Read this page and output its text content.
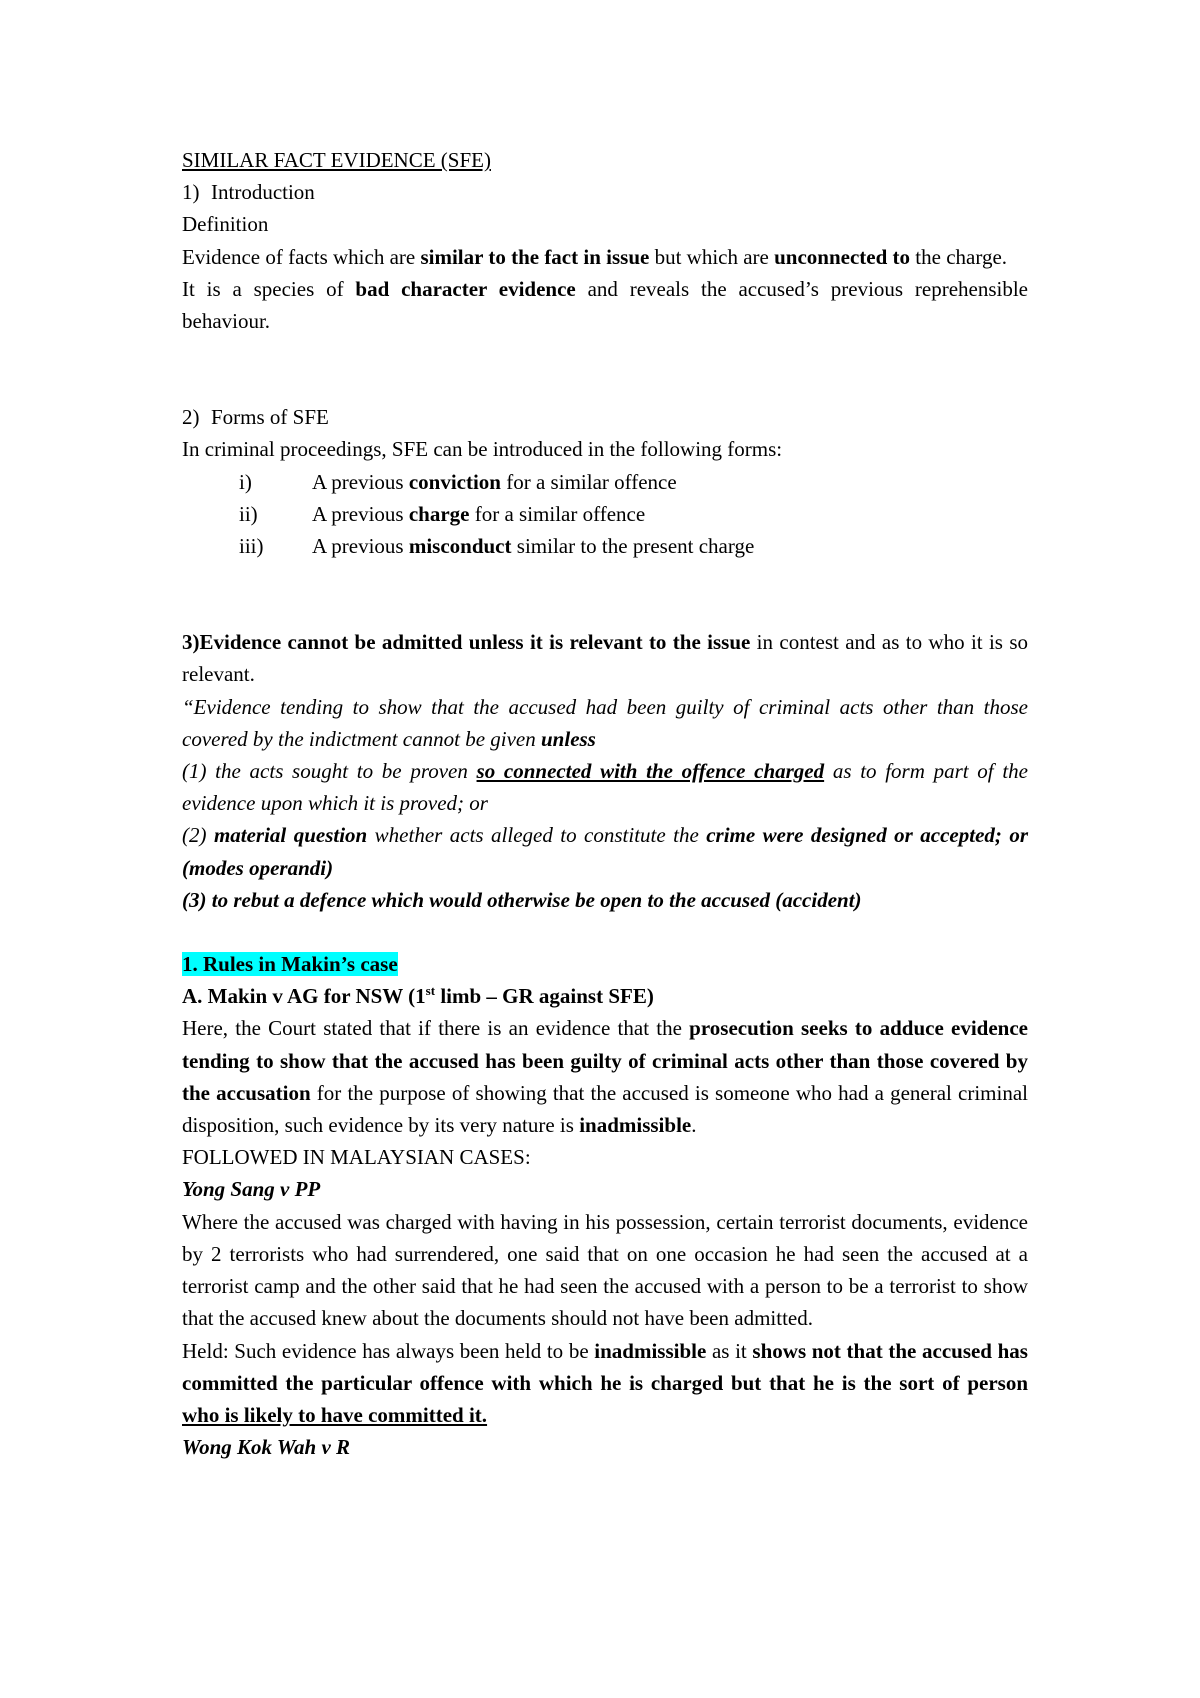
SIMILAR FACT EVIDENCE (SFE)

1) Introduction

Definition

Evidence of facts which are similar to the fact in issue but which are unconnected to the charge.

It is a species of bad character evidence and reveals the accused’s previous reprehensible behaviour.

2) Forms of SFE

In criminal proceedings, SFE can be introduced in the following forms:

i)	A previous conviction for a similar offence

ii)	A previous charge for a similar offence

iii)	A previous misconduct similar to the present charge

3)Evidence cannot be admitted unless it is relevant to the issue in contest and as to who it is so relevant.

“Evidence tending to show that the accused had been guilty of criminal acts other than those covered by the indictment cannot be given unless

(1) the acts sought to be proven so connected with the offence charged as to form part of the evidence upon which it is proved; or

(2) material question whether acts alleged to constitute the crime were designed or accepted; or (modes operandi)

(3) to rebut a defence which would otherwise be open to the accused (accident)

1. Rules in Makin’s case

A. Makin v AG for NSW (1st limb – GR against SFE)

Here, the Court stated that if there is an evidence that the prosecution seeks to adduce evidence tending to show that the accused has been guilty of criminal acts other than those covered by the accusation for the purpose of showing that the accused is someone who had a general criminal disposition, such evidence by its very nature is inadmissible.

FOLLOWED IN MALAYSIAN CASES:

Yong Sang v PP

Where the accused was charged with having in his possession, certain terrorist documents, evidence by 2 terrorists who had surrendered, one said that on one occasion he had seen the accused at a terrorist camp and the other said that he had seen the accused with a person to be a terrorist to show that the accused knew about the documents should not have been admitted.

Held: Such evidence has always been held to be inadmissible as it shows not that the accused has committed the particular offence with which he is charged but that he is the sort of person who is likely to have committed it.

Wong Kok Wah v R
